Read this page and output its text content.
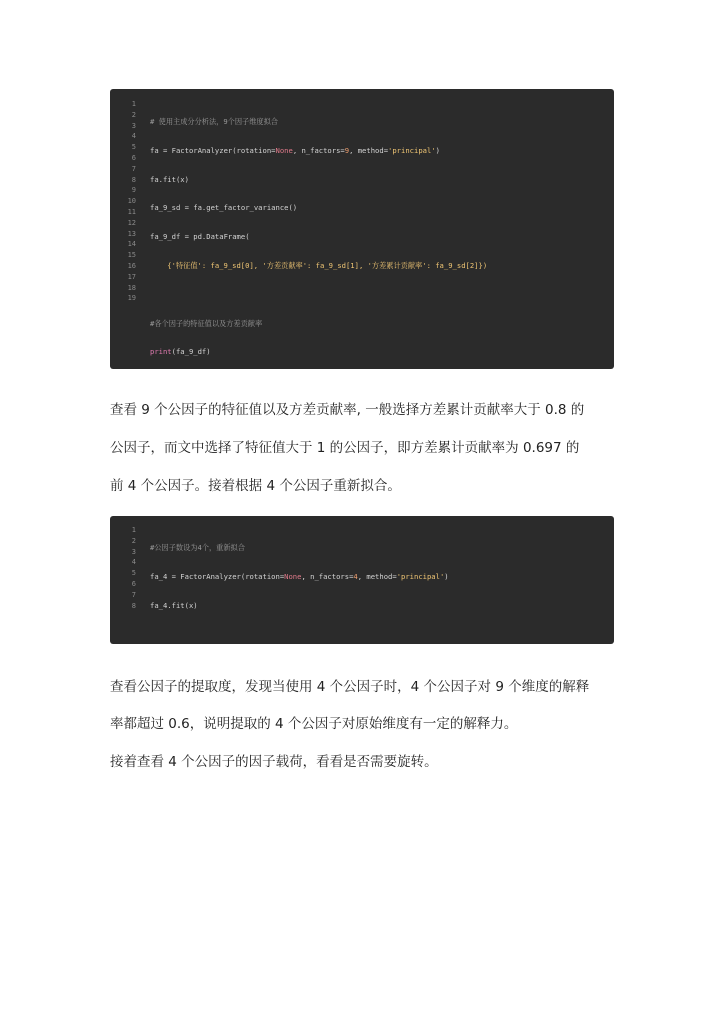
1
2
3
4
5
6
7
8
9
10
11
12
13
14
15
16
17
18
19

# 使用主成分分析法，9个因子维度拟合

fa = FactorAnalyzer(rotation=None, n_factors=9, method='principal')

fa.fit(x)

fa_9_sd = fa.get_factor_variance()

fa_9_df = pd.DataFrame(

{'特征值': fa_9_sd[0], '方差贡献率': fa_9_sd[1], '方差累计贡献率': fa_9_sd[2]})

#各个因子的特征值以及方差贡献率

print(fa_9_df)

查看 9 个公因子的特征值以及方差贡献率, 一般选择方差累计贡献率大于 0.8 的
公因子，而文中选择了特征值大于 1 的公因子，即方差累计贡献率为 0.697 的
前 4 个公因子。接着根据 4 个公因子重新拟合。
1
2
3
4
5
6
7
8

#公因子数设为4个，重新拟合

fa_4 = FactorAnalyzer(rotation=None, n_factors=4, method='principal')

fa_4.fit(x)

查看公因子的提取度，发现当使用 4 个公因子时，4 个公因子对 9 个维度的解释
率都超过 0.6，说明提取的 4 个公因子对原始维度有一定的解释力。
接着查看 4 个公因子的因子载荷，看看是否需要旋转。
